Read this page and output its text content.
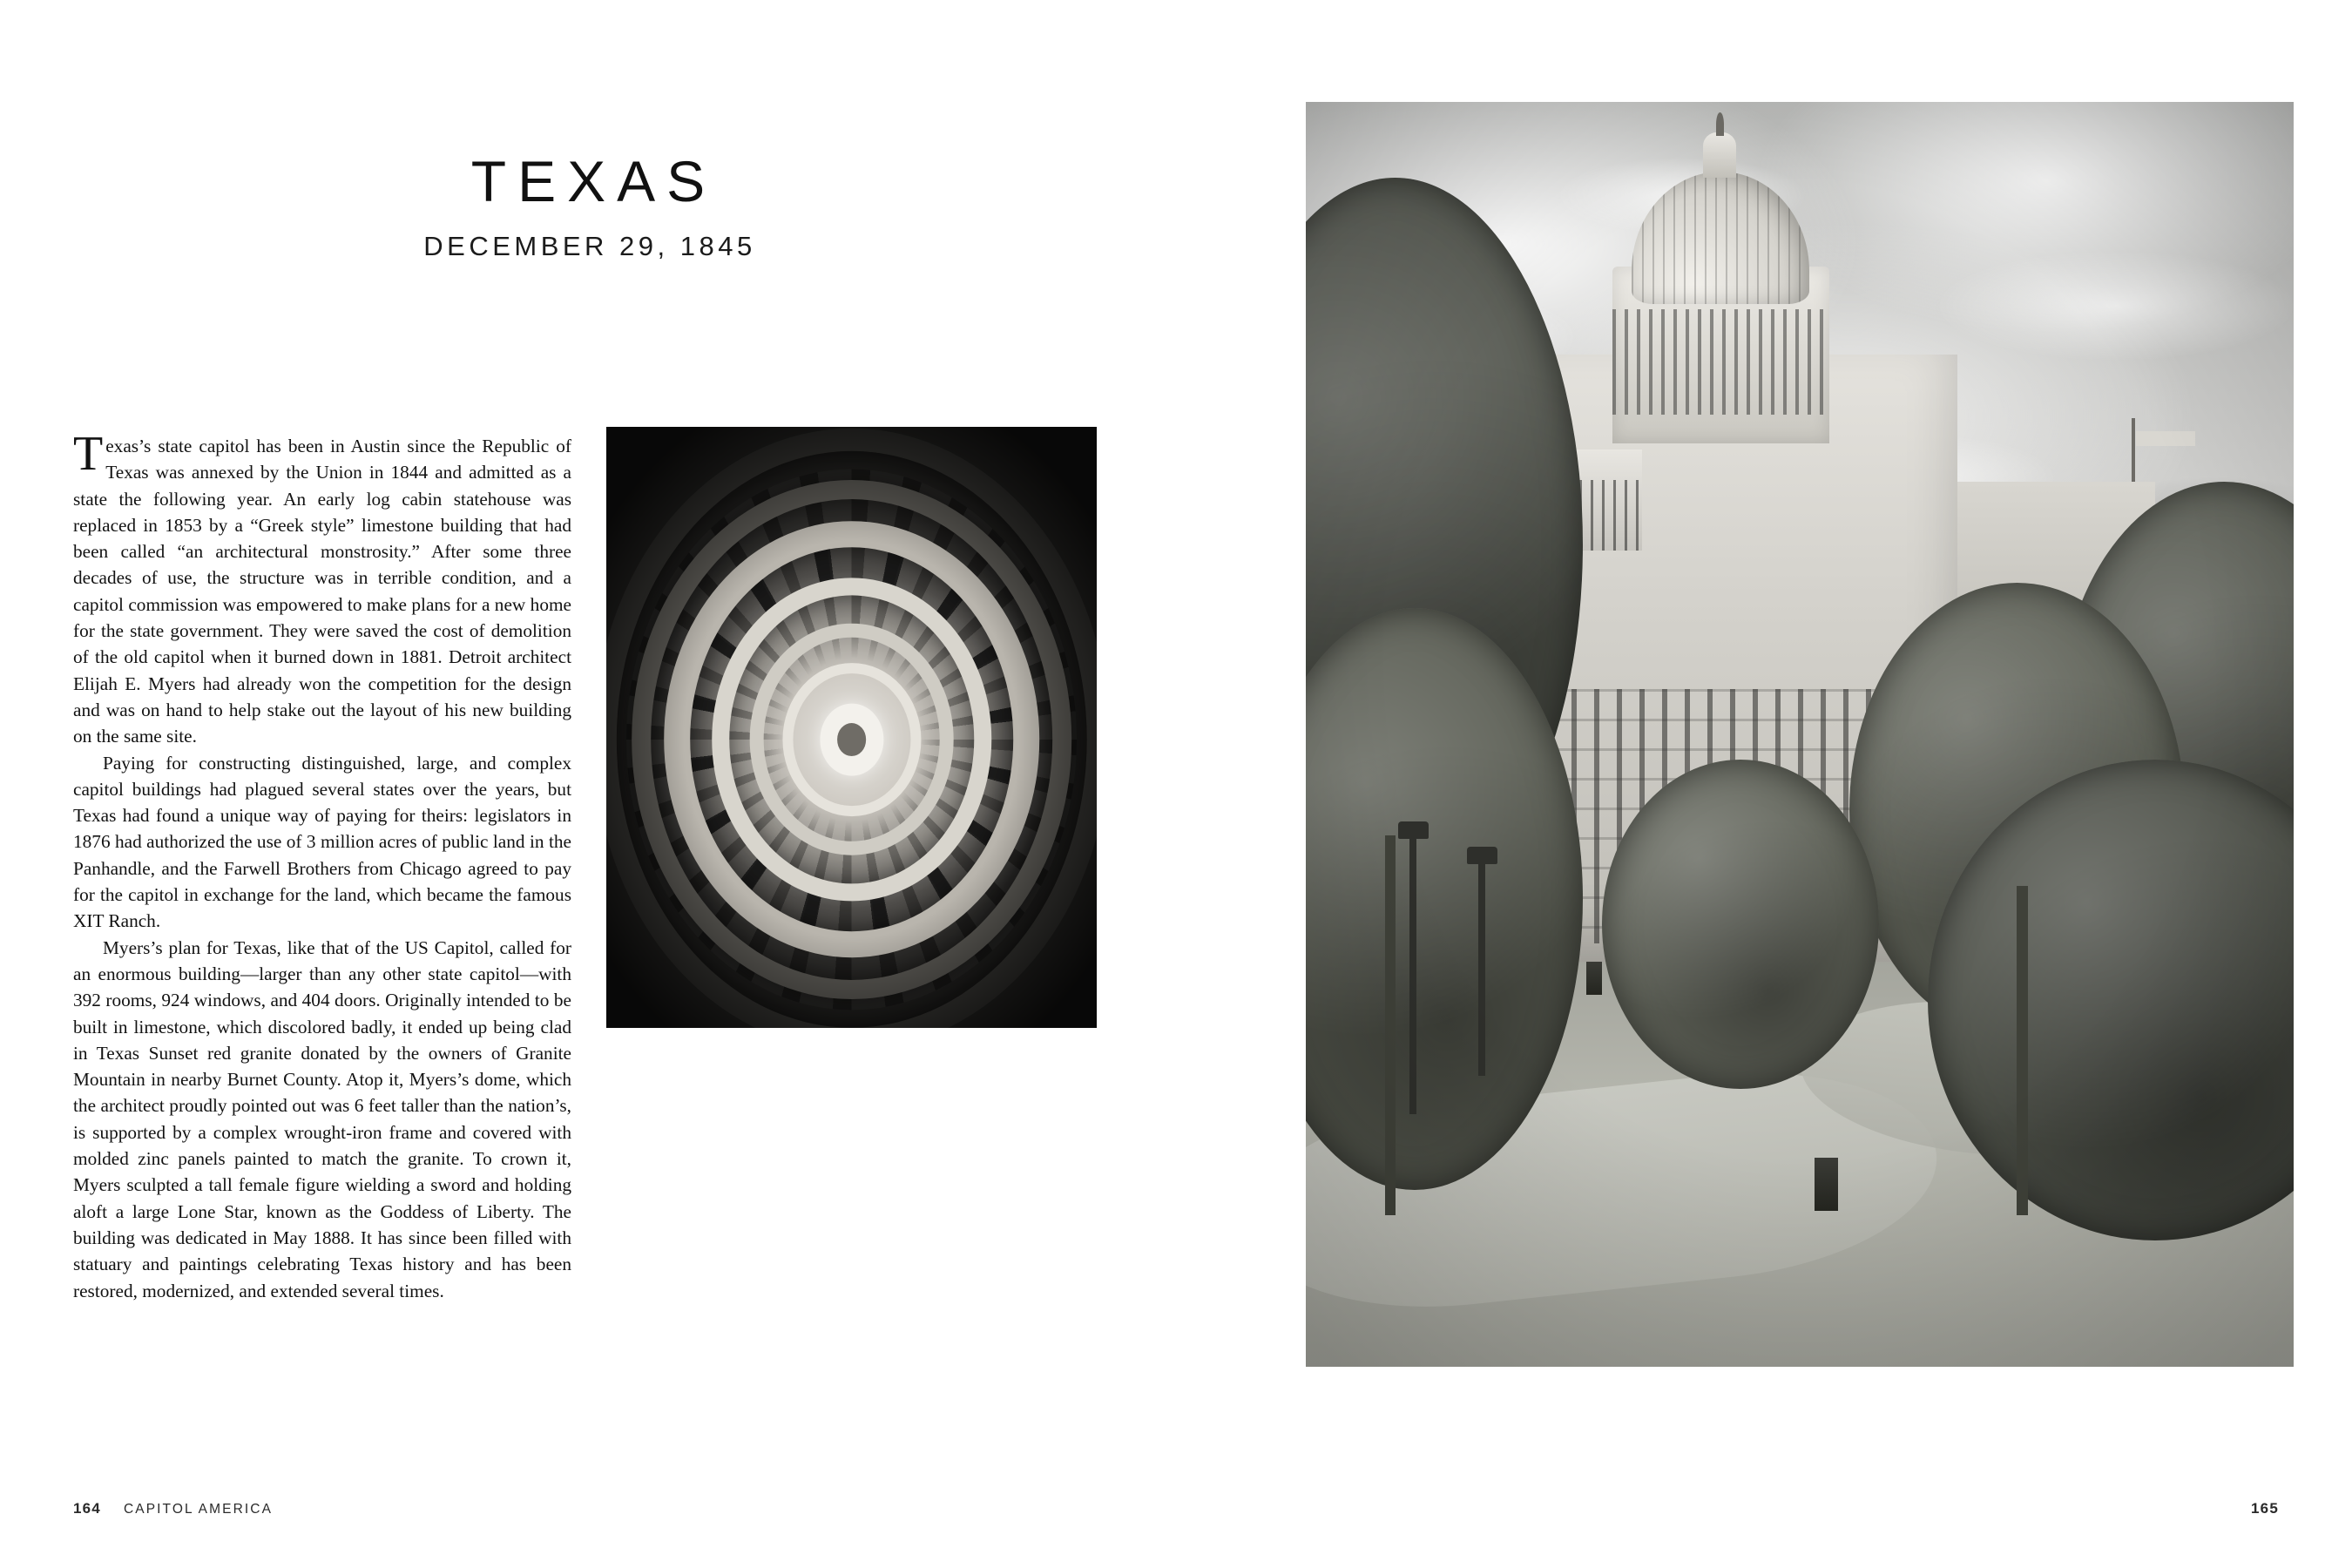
TEXAS
DECEMBER 29, 1845

Texas’s state capitol has been in Austin since the Republic of Texas was annexed by the Union in 1844 and admitted as a state the following year. An early log cabin statehouse was replaced in 1853 by a “Greek style” limestone building that had been called “an architectural monstrosity.” After some three decades of use, the structure was in terrible condition, and a capitol commission was empowered to make plans for a new home for the state government. They were saved the cost of demolition of the old capitol when it burned down in 1881. Detroit architect Elijah E. Myers had already won the competition for the design and was on hand to help stake out the layout of his new building on the same site.

Paying for constructing distinguished, large, and complex capitol buildings had plagued several states over the years, but Texas had found a unique way of paying for theirs: legislators in 1876 had authorized the use of 3 million acres of public land in the Panhandle, and the Farwell Brothers from Chicago agreed to pay for the capitol in exchange for the land, which became the famous XIT Ranch.

Myers’s plan for Texas, like that of the US Capitol, called for an enormous building—larger than any other state capitol—with 392 rooms, 924 windows, and 404 doors. Originally intended to be built in limestone, which discolored badly, it ended up being clad in Texas Sunset red granite donated by the owners of Granite Mountain in nearby Burnet County. Atop it, Myers’s dome, which the architect proudly pointed out was 6 feet taller than the nation’s, is supported by a complex wrought-iron frame and covered with molded zinc panels painted to match the granite. To crown it, Myers sculpted a tall female figure wielding a sword and holding aloft a large Lone Star, known as the Goddess of Liberty. The building was dedicated in May 1888. It has since been filled with statuary and paintings celebrating Texas history and has been restored, modernized, and extended several times.

164 CAPITOL AMERICA	165
